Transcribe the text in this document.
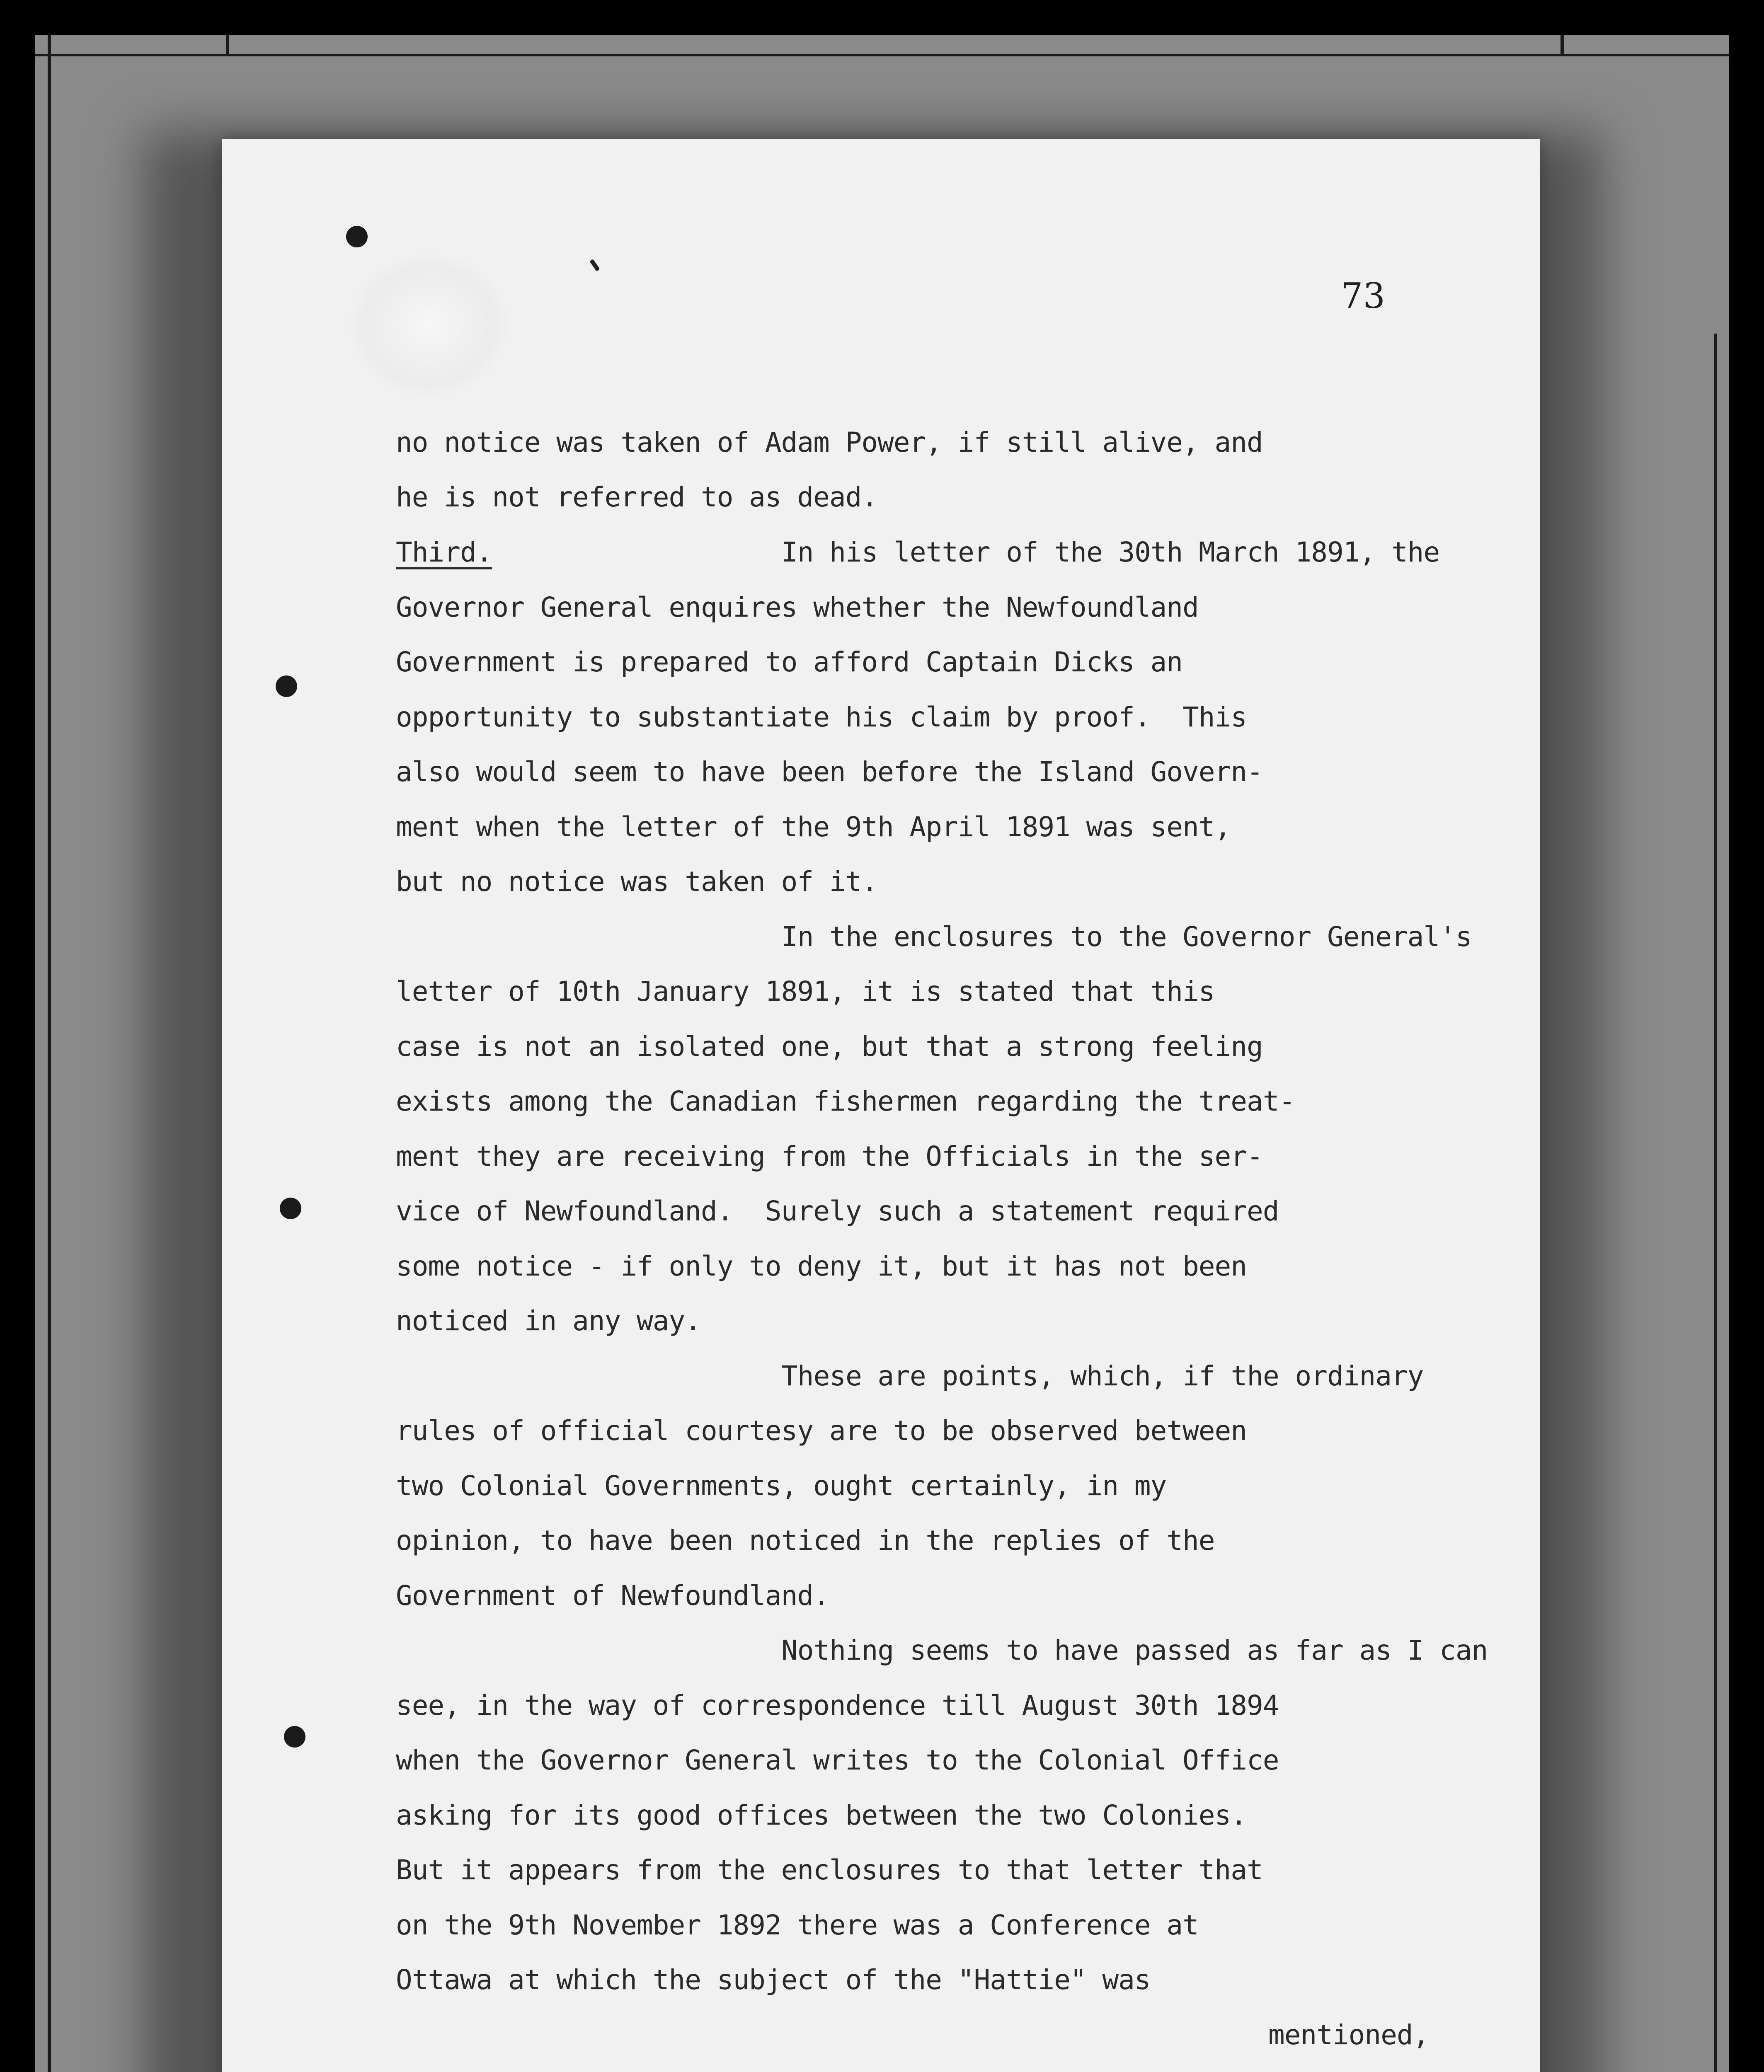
73
no notice was taken of Adam Power, if still alive, and
he is not referred to as dead.
Third.	In his letter of the 30th March 1891, the
Governor General enquires whether the Newfoundland
Government is prepared to afford Captain Dicks an
opportunity to substantiate his claim by proof.  This
also would seem to have been before the Island Govern-
ment when the letter of the 9th April 1891 was sent,
but no notice was taken of it.
In the enclosures to the Governor General's
letter of 10th January 1891, it is stated that this
case is not an isolated one, but that a strong feeling
exists among the Canadian fishermen regarding the treat-
ment they are receiving from the Officials in the ser-
vice of Newfoundland.  Surely such a statement required
some notice - if only to deny it, but it has not been
noticed in any way.
These are points, which, if the ordinary
rules of official courtesy are to be observed between
two Colonial Governments, ought certainly, in my
opinion, to have been noticed in the replies of the
Government of Newfoundland.
Nothing seems to have passed as far as I can
see, in the way of correspondence till August 30th 1894
when the Governor General writes to the Colonial Office
asking for its good offices between the two Colonies.
But it appears from the enclosures to that letter that
on the 9th November 1892 there was a Conference at
Ottawa at which the subject of the "Hattie" was
mentioned,
